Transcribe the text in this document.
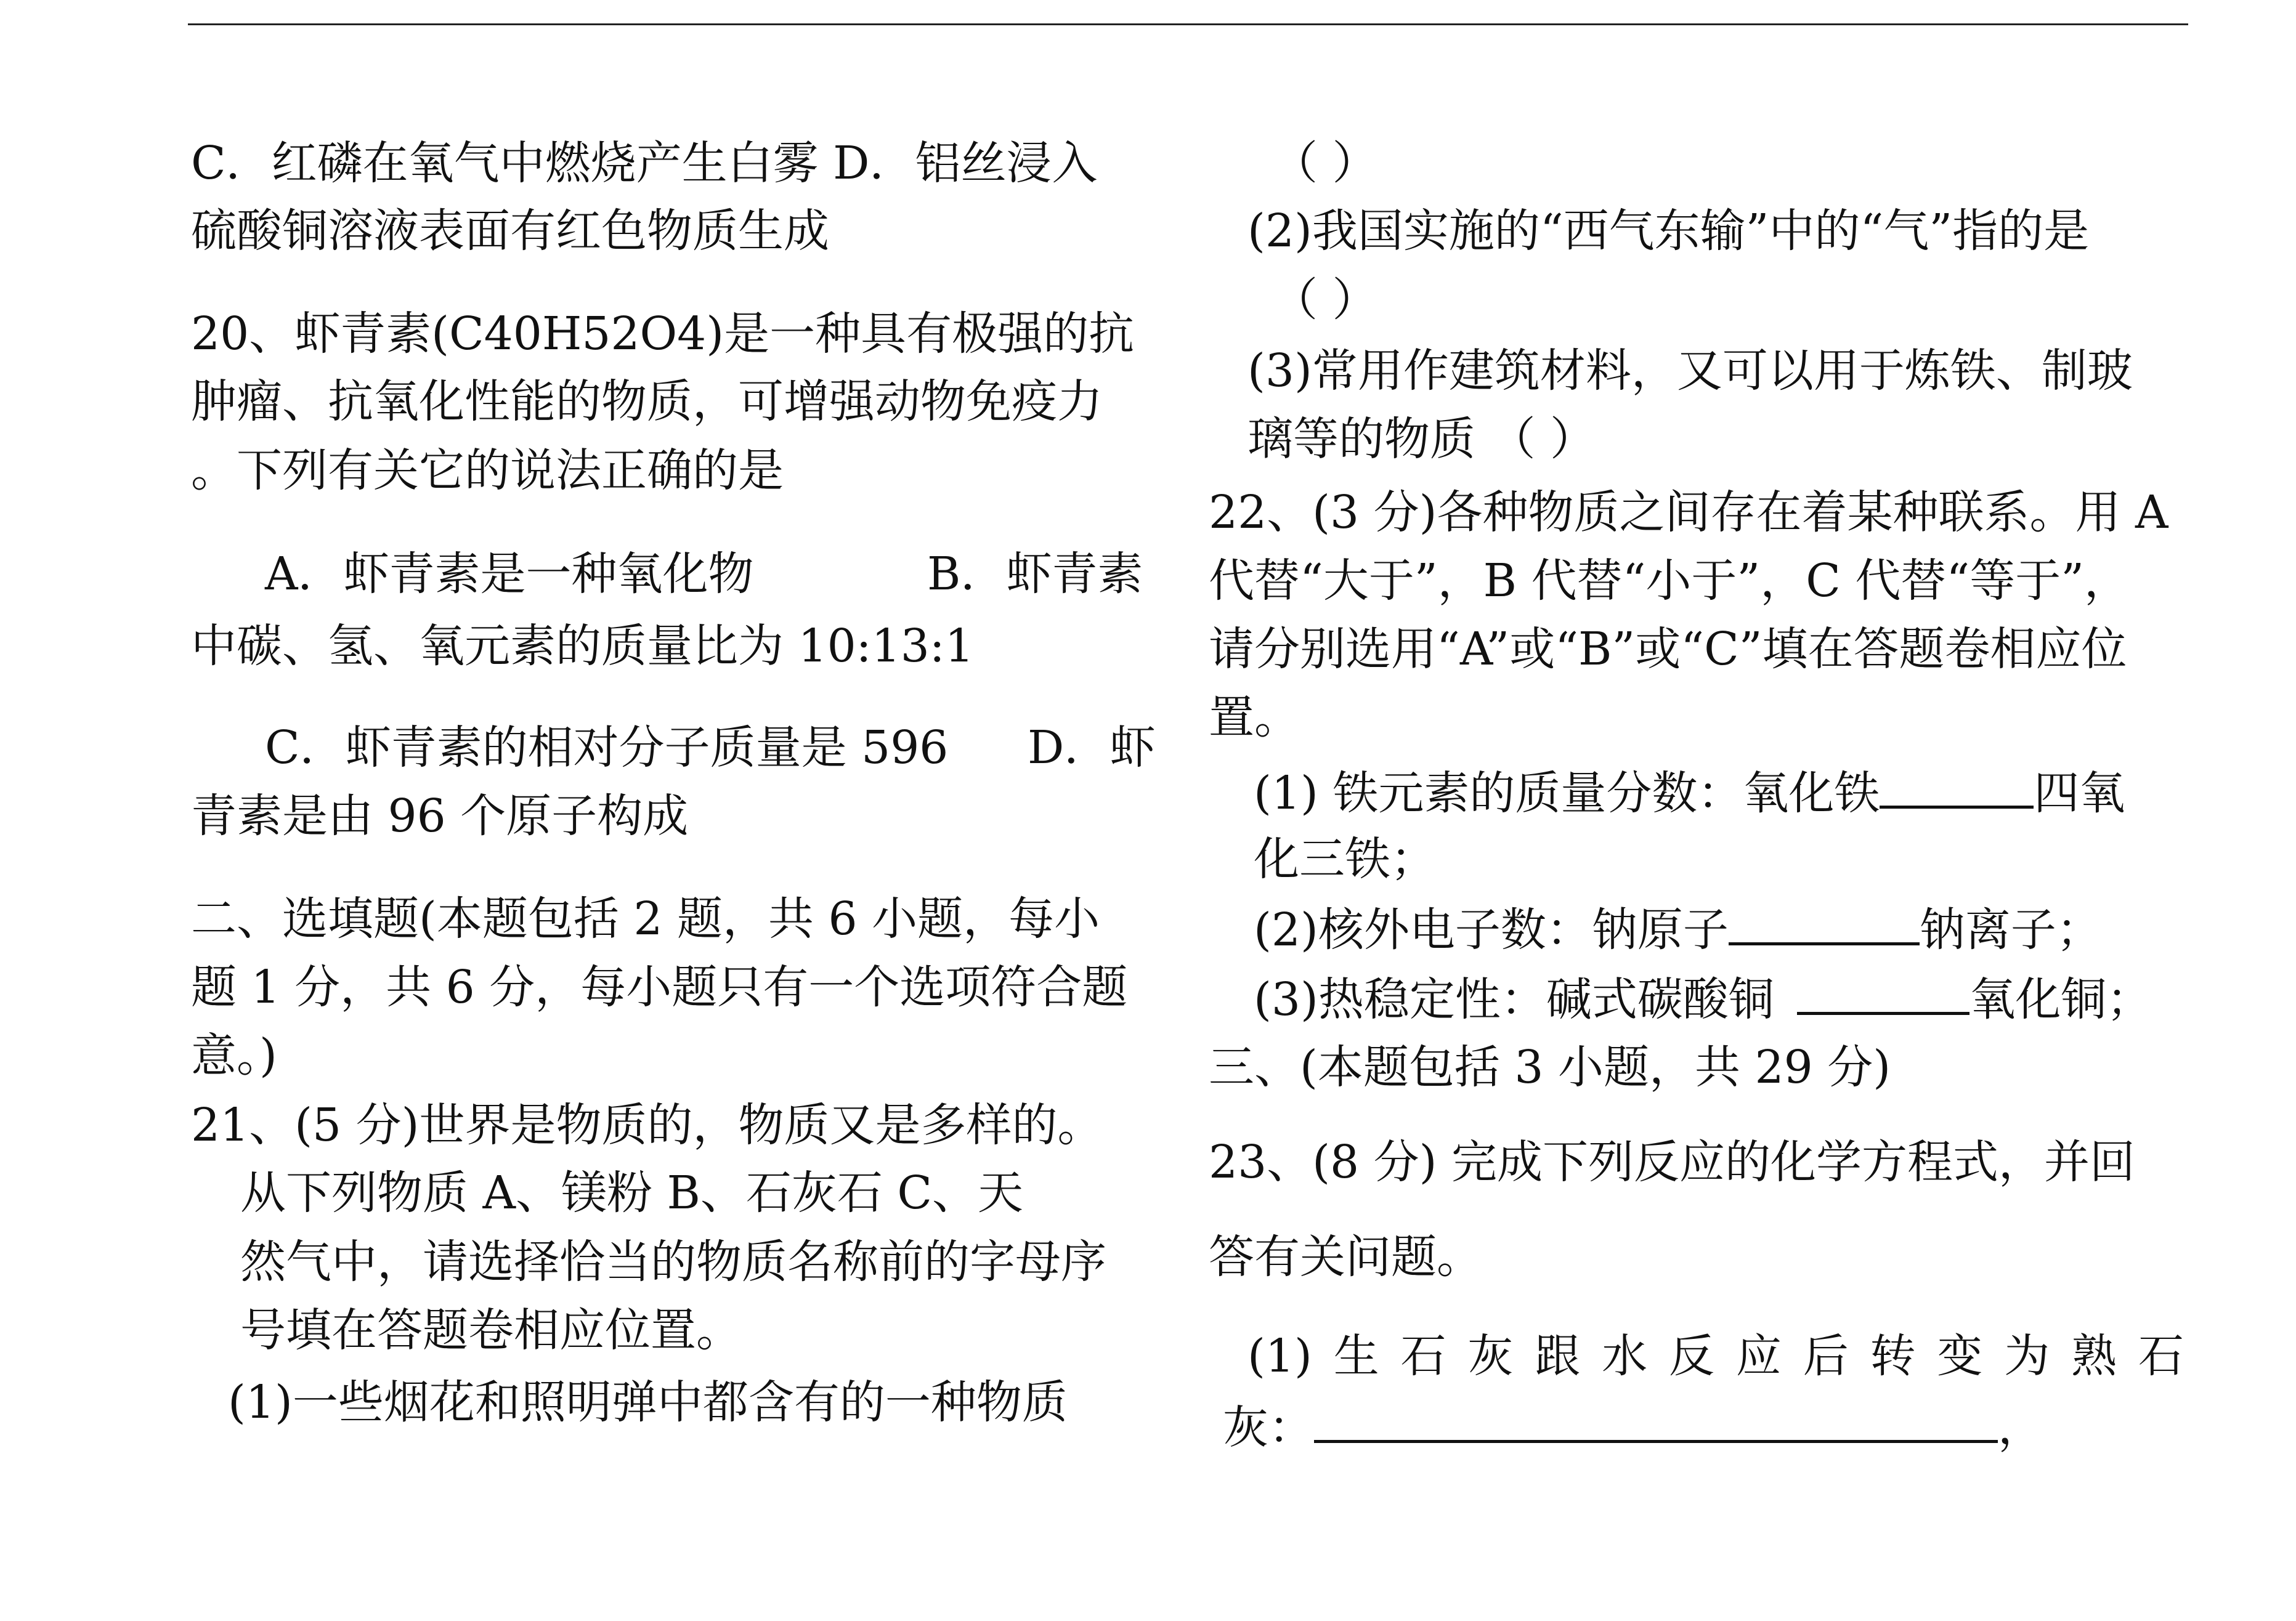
C．红磷在氧气中燃烧产生白雾 D．铝丝浸入
硫酸铜溶液表面有红色物质生成
20、虾青素(C40H52O4)是一种具有极强的抗
肿瘤、抗氧化性能的物质，可增强动物免疫力
。下列有关它的说法正确的是
A．虾青素是一种氧化物	B．虾青素
中碳、氢、氧元素的质量比为 10:13:1
C．虾青素的相对分子质量是 596 D．虾
青素是由 96 个原子构成
二、选填题(本题包括 2 题，共 6 小题，每小
题 1 分，共 6 分，每小题只有一个选项符合题
意。)
21、(5 分)世界是物质的，物质又是多样的。
从下列物质 A、镁粉 B、石灰石 C、天
然气中，请选择恰当的物质名称前的字母序
号填在答题卷相应位置。
(1)一些烟花和照明弹中都含有的一种物质
（ ）
(2)我国实施的“西气东输”中的“气”指的是
（ ）
(3)常用作建筑材料，又可以用于炼铁、制玻
璃等的物质 （ ）
22、(3 分)各种物质之间存在着某种联系。用 A
代替“大于”，B 代替“小于”，C 代替“等于”，
请分别选用“A”或“B”或“C”填在答题卷相应位
置。
(1) 铁元素的质量分数：氧化铁	四氧
化三铁；
(2)核外电子数：钠原子	钠离子；
(3)热稳定性：碱式碳酸铜	氧化铜；
三、(本题包括 3 小题，共 29 分)
23、(8 分) 完成下列反应的化学方程式，并回
答有关问题。
(1) 生 石 灰 跟 水 反 应 后 转 变 为 熟 石
灰：	，
